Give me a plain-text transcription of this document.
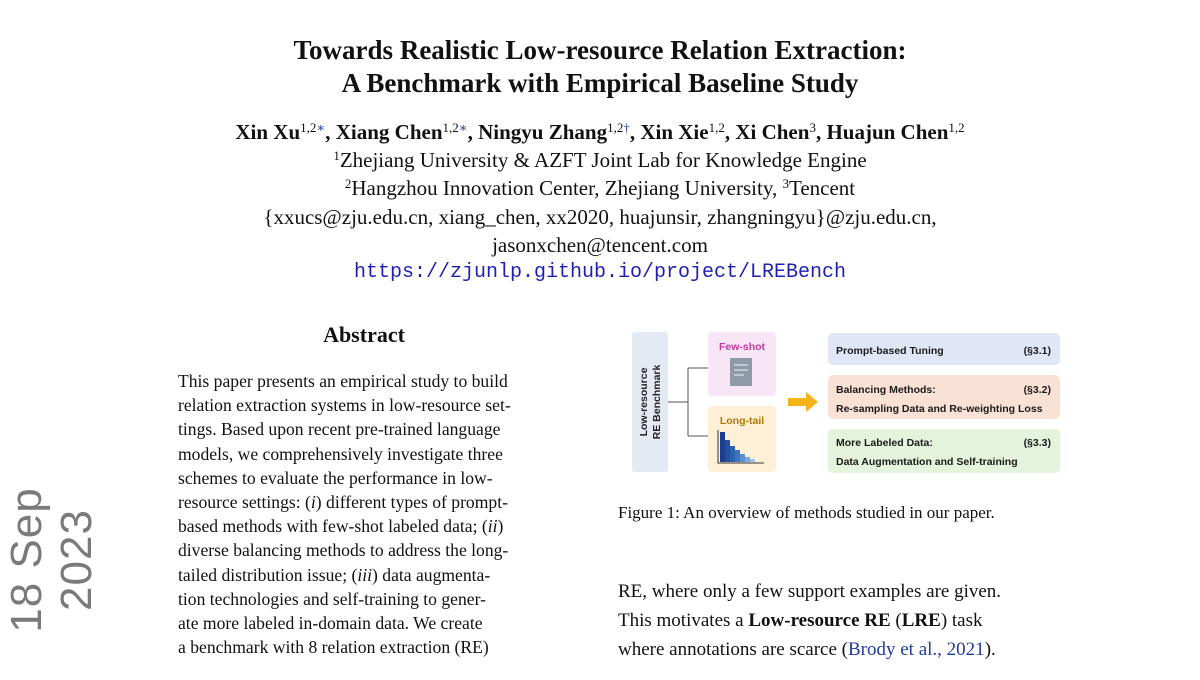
Towards Realistic Low-resource Relation Extraction:
A Benchmark with Empirical Baseline Study
Xin $Xu^{1,2∗}$, Xiang Chen$^{1,2∗}$, Ningyu Zhang$^{1,2\dagger}$, Xin Xie$^{1,2}$, Xi Chen$^3$, Huajun Chen$^{1,2}$
$^1$Zhejiang University & AZFT Joint Lab for Knowledge Engine
$^2$Hangzhou Innovation Center, Zhejiang University, $^3$Tencent
{xxucs@zju.edu.cn, xiang_chen, xx2020, huajunsir, zhangningyu}@zju.edu.cn,
jasonxchen@tencent.com
https://zjunlp.github.io/project/LREBench
18 Sep 2023
Abstract
This paper presents an empirical study to build
relation extraction systems in low-resource set-
tings. Based upon recent pre-trained language
models, we comprehensively investigate three
schemes to evaluate the performance in low-
resource settings: (i) different types of prompt-
based methods with few-shot labeled data; (ii)
diverse balancing methods to address the long-
tailed distribution issue; (iii) data augmenta-
tion technologies and self-training to gener-
ate more labeled in-domain data. We create
a benchmark with 8 relation extraction (RE)
Low-resource RE Benchmark
Few-shot
Long-tail
Prompt-based Tuning	(§3.1)
Balancing Methods:	(§3.2)
Re-sampling Data and Re-weighting Loss
More Labeled Data:	(§3.3)
Data Augmentation and Self-training
Figure 1: An overview of methods studied in our paper.
RE, where only a few support examples are given.
This motivates a Low-resource RE (LRE) task
where annotations are scarce (Brody et al., 2021).
